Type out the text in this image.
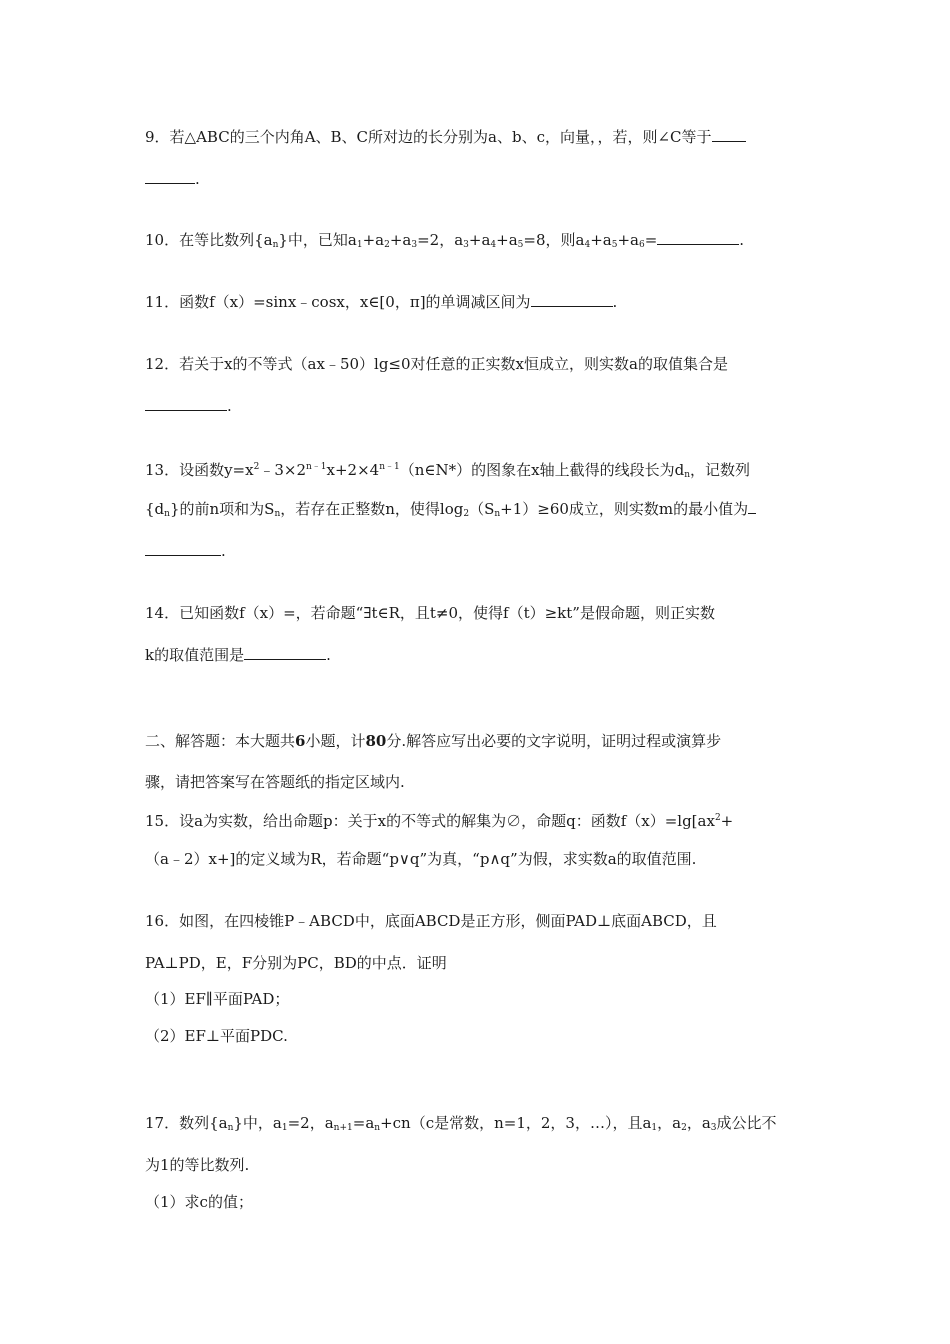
9．若△ABC的三个内角A、B、C所对边的长分别为a、b、c，向量，，若，则∠C等于
.
10．在等比数列$\{a_n\}$中，已知$a_1+a_2+a_3=2$，$a_3+a_4+a_5=8$，则$a_4+a_5+a_6=$	.
11．函数f（x）=sinx﹣cosx，x∈[0，π]的单调减区间为	.
12．若关于x的不等式（ax﹣50）lg≤0对任意的正实数x恒成立，则实数a的取值集合是
.
13．设函数$y=x^2﹣3\times 2^{n﹣1}x+2\times 4^{n﹣1}(n\in N*)$的图象在x轴上截得的线段长为$d_n$，记数列
$\{d_n\}$的前n项和为$S_n$，若存在正整数n，使得$\log_2(S_n+1)\ge 60$成立，则实数m的最小值为
.
14．已知函数f（x）=，若命题“∃t∈R，且t≠0，使得f（t）≥kt”是假命题，则正实数
k的取值范围是	.
二、解答题：本大题共6小题，计80分.解答应写出必要的文字说明，证明过程或演算步
骤，请把答案写在答题纸的指定区域内.
15．设a为实数，给出命题p：关于x的不等式的解集为∅，命题q：函数$f(x)=\lg[ax^2+$
（a﹣2）x+]的定义域为R，若命题“p∨q”为真，“p∧q”为假，求实数a的取值范围.
16．如图，在四棱锥P﹣ABCD中，底面ABCD是正方形，侧面PAD⊥底面ABCD，且
PA⊥PD，E，F分别为PC，BD的中点．证明
（1）EF∥平面PAD；
（2）EF⊥平面PDC.
17．数列$\{a_n\}$中，$a_1=2$，$a_{n+1}=a_n+cn(c$是常数，n=1，2，3，…），且$a_1$，$a_2$，$a_3$成公比不
为1的等比数列.
（1）求c的值；
